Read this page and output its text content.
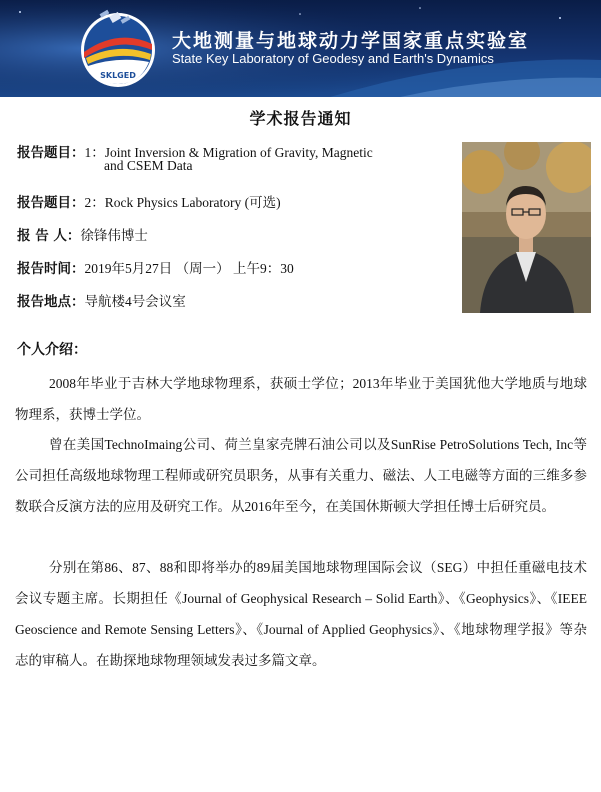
SKLGED
大地测量与地球动力学国家重点实验室
State Key Laboratory of Geodesy and Earth's Dynamics
学术报告通知
报告题目：1：Joint Inversion & Migration of Gravity, Magnetic
and CSEM Data
报告题目：2：Rock Physics Laboratory (可选)
报 告 人：徐锋伟博士
报告时间：2019年5月27日 （周一） 上午9：30
报告地点：导航楼4号会议室
个人介绍：
2008年毕业于吉林大学地球物理系，获硕士学位；2013年毕业于美国犹他大学地质与地球物理系，获博士学位。
曾在美国TechnoImaing公司、荷兰皇家壳牌石油公司以及SunRise PetroSolutions Tech, Inc等公司担任高级地球物理工程师或研究员职务，从事有关重力、磁法、人工电磁等方面的三维多参数联合反演方法的应用及研究工作。从2016年至今，在美国休斯顿大学担任博士后研究员。
分别在第86、87、88和即将举办的89届美国地球物理国际会议（SEG）中担任重磁电技术会议专题主席。长期担任《Journal of Geophysical Research – Solid Earth》、《Geophysics》、《IEEE Geoscience and Remote Sensing Letters》、《Journal of Applied Geophysics》、《地球物理学报》等杂志的审稿人。在勘探地球物理领域发表过多篇文章。
